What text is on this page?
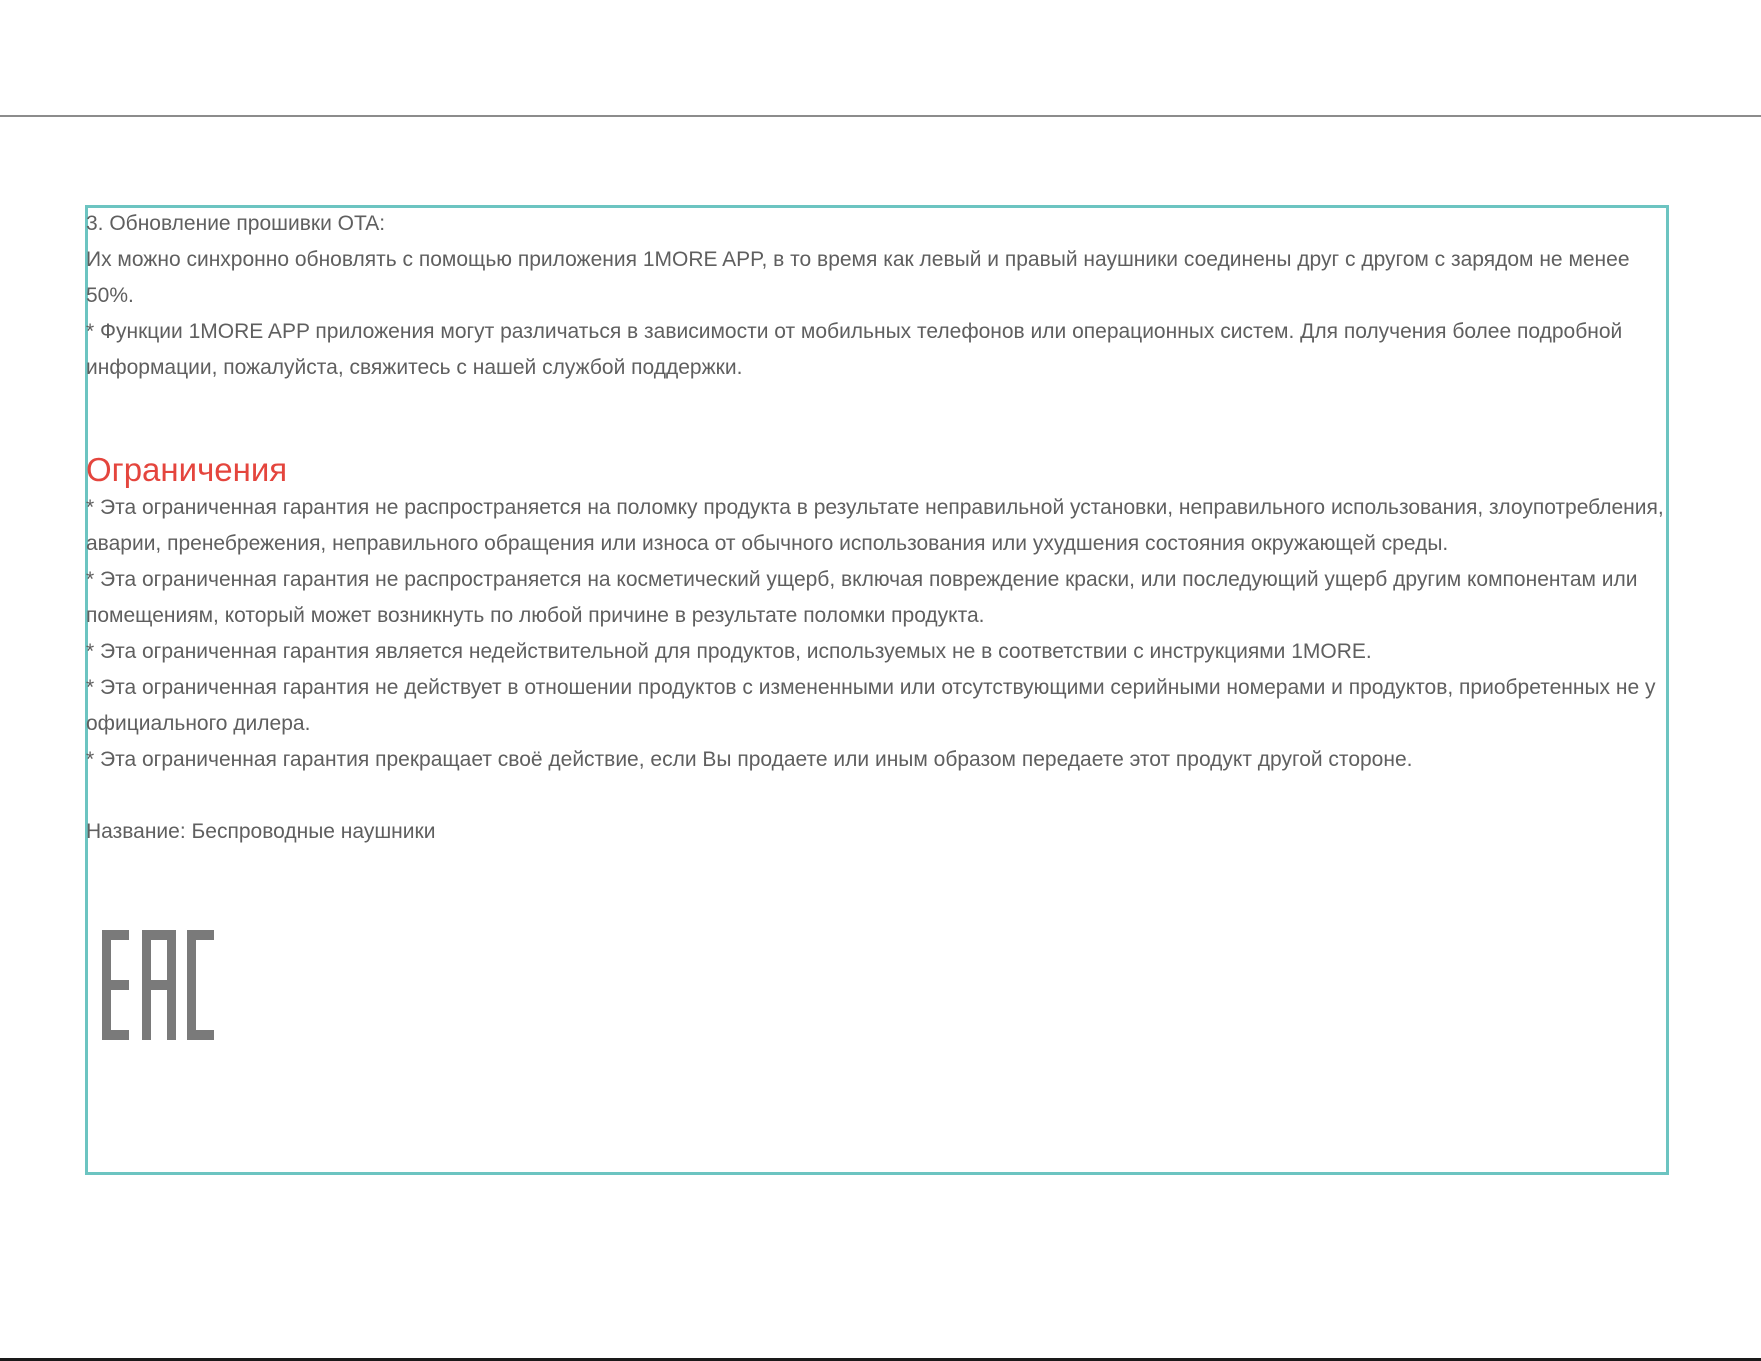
3. Обновление прошивки OTA:

Их можно синхронно обновлять с помощью приложения 1MORE APP, в то время как левый и правый наушники соединены друг с другом с зарядом не менее 50%.

* Функции 1MORE APP приложения могут различаться в зависимости от мобильных телефонов или операционных систем. Для получения более подробной информации, пожалуйста, свяжитесь с нашей службой поддержки.

Ограничения

* Эта ограниченная гарантия не распространяется на поломку продукта в результате неправильной установки, неправильного использования, злоупотребления, аварии, пренебрежения, неправильного обращения или износа от обычного использования или ухудшения состояния окружающей среды.

* Эта ограниченная гарантия не распространяется на косметический ущерб, включая повреждение краски, или последующий ущерб другим компонентам или помещениям, который может возникнуть по любой причине в результате поломки продукта.

* Эта ограниченная гарантия является недействительной для продуктов, используемых не в соответствии с инструкциями 1MORE.

* Эта ограниченная гарантия не действует в отношении продуктов с измененными или отсутствующими серийными номерами и продуктов, приобретенных не у официального дилера.

* Эта ограниченная гарантия прекращает своё действие, если Вы продаете или иным образом передаете этот продукт другой стороне.

Название: Беспроводные наушники
